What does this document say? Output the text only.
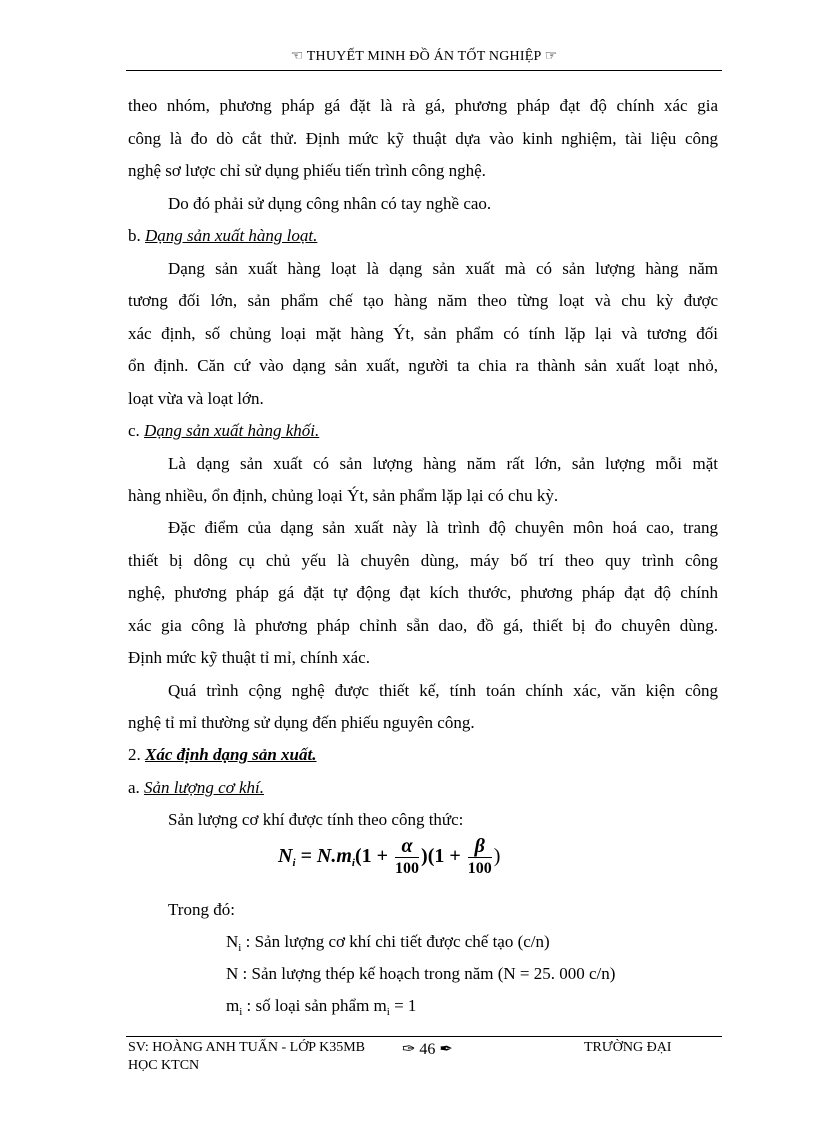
☜ THUYẾT MINH ĐỒ ÁN TỐT NGHIỆP ☞
theo nhóm, phương pháp gá đặt là rà gá, phương pháp đạt độ chính xác gia
công là đo dò cắt thử. Định mức kỹ thuật dựa vào kinh nghiệm, tài liệu công
nghệ sơ lược chỉ sử dụng phiếu tiến trình công nghệ.
Do đó phải sử dụng công nhân có tay nghề cao.
b. Dạng sản xuất hàng loạt.
Dạng sản xuất hàng loạt là dạng sản xuất mà có sản lượng hàng năm
tương đối lớn, sản phẩm chế tạo hàng năm theo từng loạt và chu kỳ được
xác định, số chủng loại mặt hàng Ýt, sản phẩm có tính lặp lại và tương đối
ổn định. Căn cứ vào dạng sản xuất, người ta chia ra thành sản xuất loạt nhỏ,
loạt vừa và loạt lớn.
c. Dạng sản xuất hàng khối.
Là dạng sản xuất có sản lượng hàng năm rất lớn, sản lượng mỗi mặt
hàng nhiều, ổn định, chủng loại Ýt, sản phẩm lặp lại có chu kỳ.
Đặc điểm của dạng sản xuất này là trình độ chuyên môn hoá cao, trang
thiết bị dông cụ chủ yếu là chuyên dùng, máy bố trí theo quy trình công
nghệ, phương pháp gá đặt tự động đạt kích thước, phương pháp đạt độ chính
xác gia công là phương pháp chỉnh sẵn dao, đồ gá, thiết bị đo chuyên dùng.
Định mức kỹ thuật tỉ mỉ, chính xác.
Quá trình cộng nghệ được thiết kế, tính toán chính xác, văn kiện công
nghệ tỉ mỉ thường sử dụng đến phiếu nguyên công.
2. Xác định dạng sản xuất.
a. Sản lượng cơ khí.
Sản lượng cơ khí được tính theo công thức:
$N_i = N.m_i(1 + \frac{\alpha}{100} )(1 + \frac{\beta}{100}$ )
Trong đó:
$N_i$ : Sản lượng cơ khí chi tiết được chế tạo (c/n)
N : Sản lượng thép kế hoạch trong năm (N = 25. 000 c/n)
$m_i$ : số loại sản phẩm $m_i = 1$
SV: HOÀNG ANH TUẤN - LỚP K35MB ✑ 46 ✒	TRƯỜNG ĐẠI
HỌC KTCN
